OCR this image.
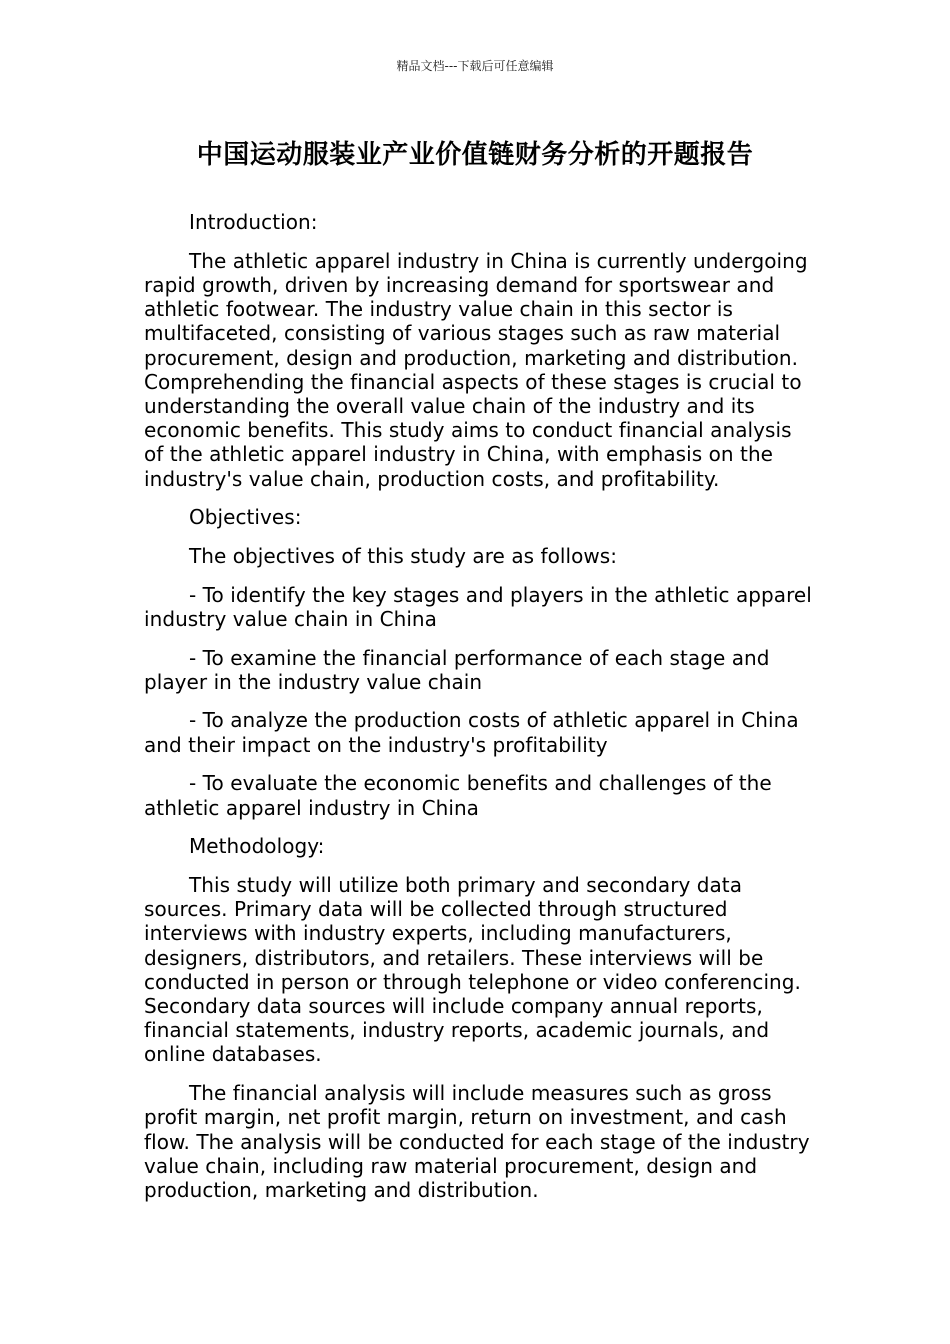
精品文档---下载后可任意编辑
中国运动服装业产业价值链财务分析的开题报告

Introduction:

The athletic apparel industry in China is currently undergoing rapid growth, driven by increasing demand for sportswear and athletic footwear. The industry value chain in this sector is multifaceted, consisting of various stages such as raw material procurement, design and production, marketing and distribution. Comprehending the financial aspects of these stages is crucial to understanding the overall value chain of the industry and its economic benefits. This study aims to conduct financial analysis of the athletic apparel industry in China, with emphasis on the industry's value chain, production costs, and profitability.

Objectives:

The objectives of this study are as follows:

- To identify the key stages and players in the athletic apparel industry value chain in China

- To examine the financial performance of each stage and player in the industry value chain

- To analyze the production costs of athletic apparel in China and their impact on the industry's profitability

- To evaluate the economic benefits and challenges of the athletic apparel industry in China

Methodology:

This study will utilize both primary and secondary data sources. Primary data will be collected through structured interviews with industry experts, including manufacturers, designers, distributors, and retailers. These interviews will be conducted in person or through telephone or video conferencing. Secondary data sources will include company annual reports, financial statements, industry reports, academic journals, and online databases.

The financial analysis will include measures such as gross profit margin, net profit margin, return on investment, and cash flow. The analysis will be conducted for each stage of the industry value chain, including raw material procurement, design and production, marketing and distribution.
